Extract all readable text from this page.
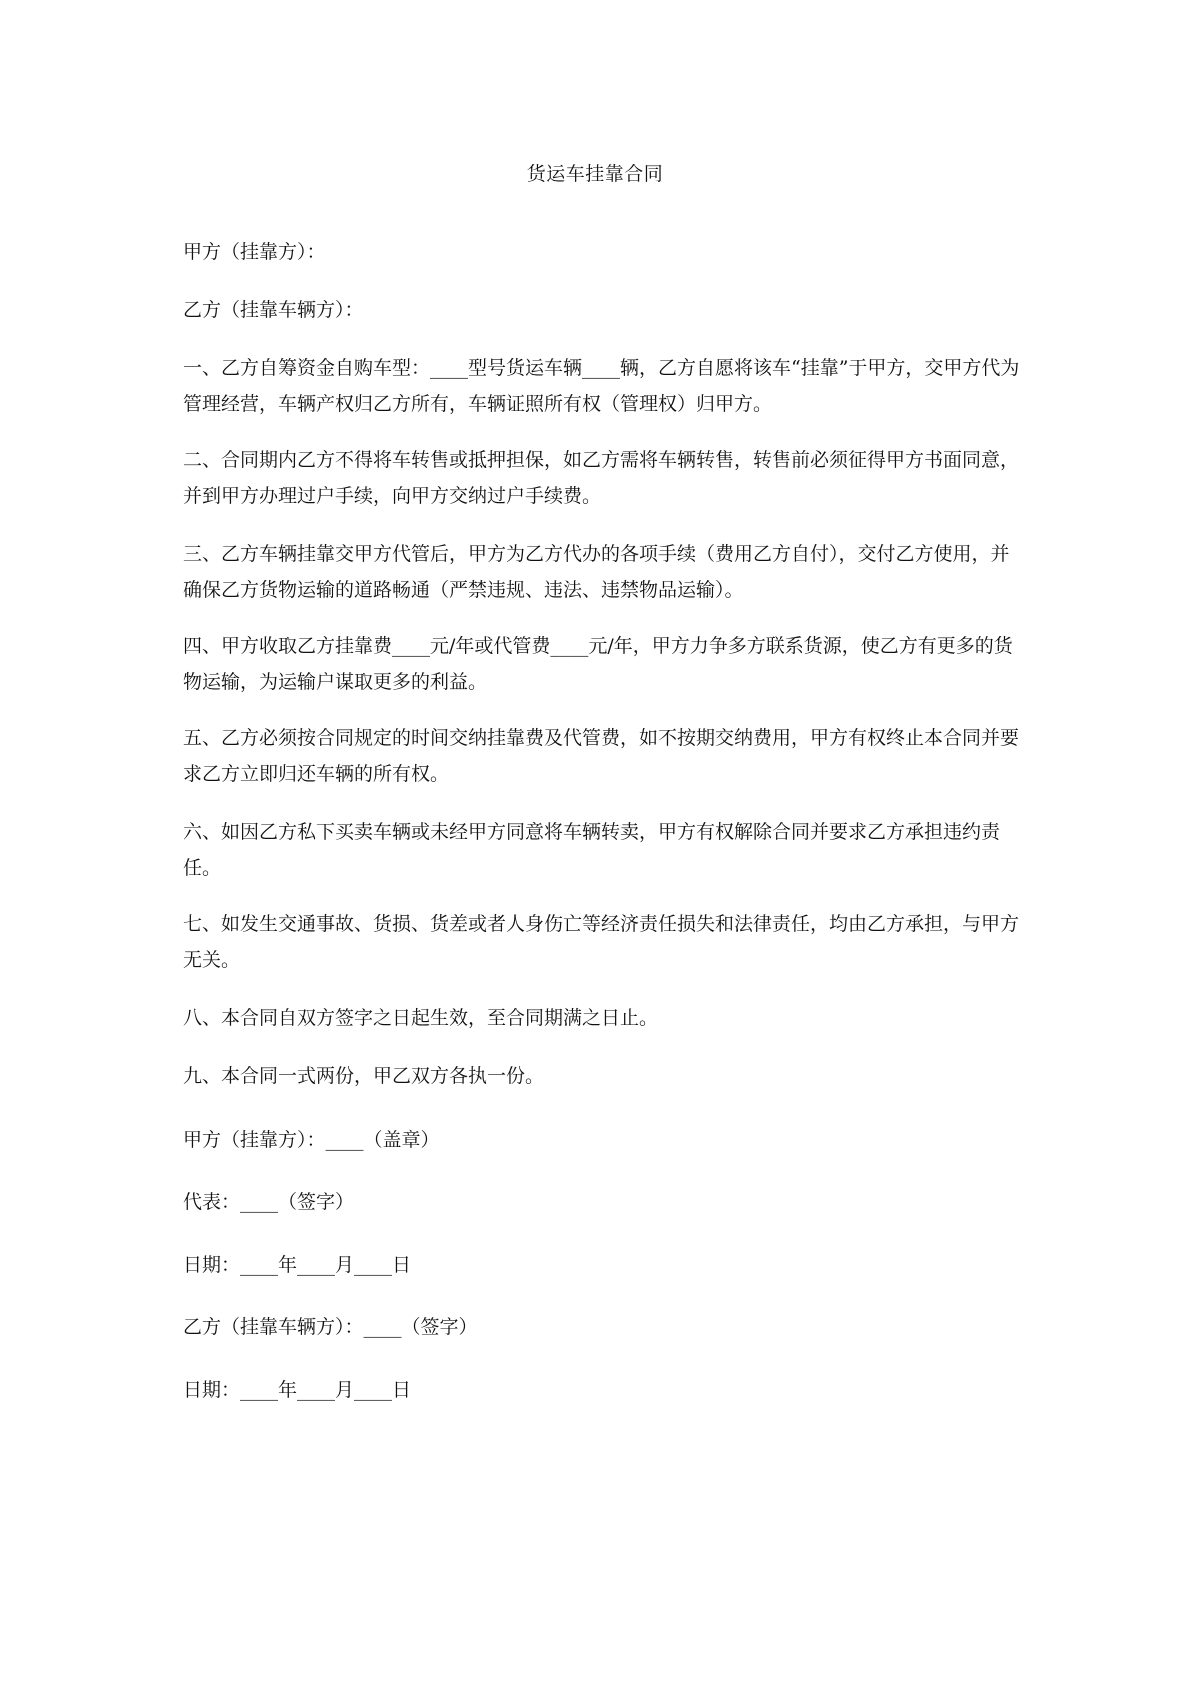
货运车挂靠合同

甲方（挂靠方）：

乙方（挂靠车辆方）：

一、乙方自筹资金自购车型：____型号货运车辆____辆，乙方自愿将该车“挂靠”于甲方，交甲方代为管理经营，车辆产权归乙方所有，车辆证照所有权（管理权）归甲方。

二、合同期内乙方不得将车转售或抵押担保，如乙方需将车辆转售，转售前必须征得甲方书面同意，并到甲方办理过户手续，向甲方交纳过户手续费。

三、乙方车辆挂靠交甲方代管后，甲方为乙方代办的各项手续（费用乙方自付），交付乙方使用，并确保乙方货物运输的道路畅通（严禁违规、违法、违禁物品运输）。

四、甲方收取乙方挂靠费____元/年或代管费____元/年，甲方力争多方联系货源，使乙方有更多的货物运输，为运输户谋取更多的利益。

五、乙方必须按合同规定的时间交纳挂靠费及代管费，如不按期交纳费用，甲方有权终止本合同并要求乙方立即归还车辆的所有权。

六、如因乙方私下买卖车辆或未经甲方同意将车辆转卖，甲方有权解除合同并要求乙方承担违约责任。

七、如发生交通事故、货损、货差或者人身伤亡等经济责任损失和法律责任，均由乙方承担，与甲方无关。

八、本合同自双方签字之日起生效，至合同期满之日止。

九、本合同一式两份，甲乙双方各执一份。

甲方（挂靠方）：____（盖章）

代表：____（签字）

日期：____年____月____日

乙方（挂靠车辆方）：____（签字）

日期：____年____月____日
